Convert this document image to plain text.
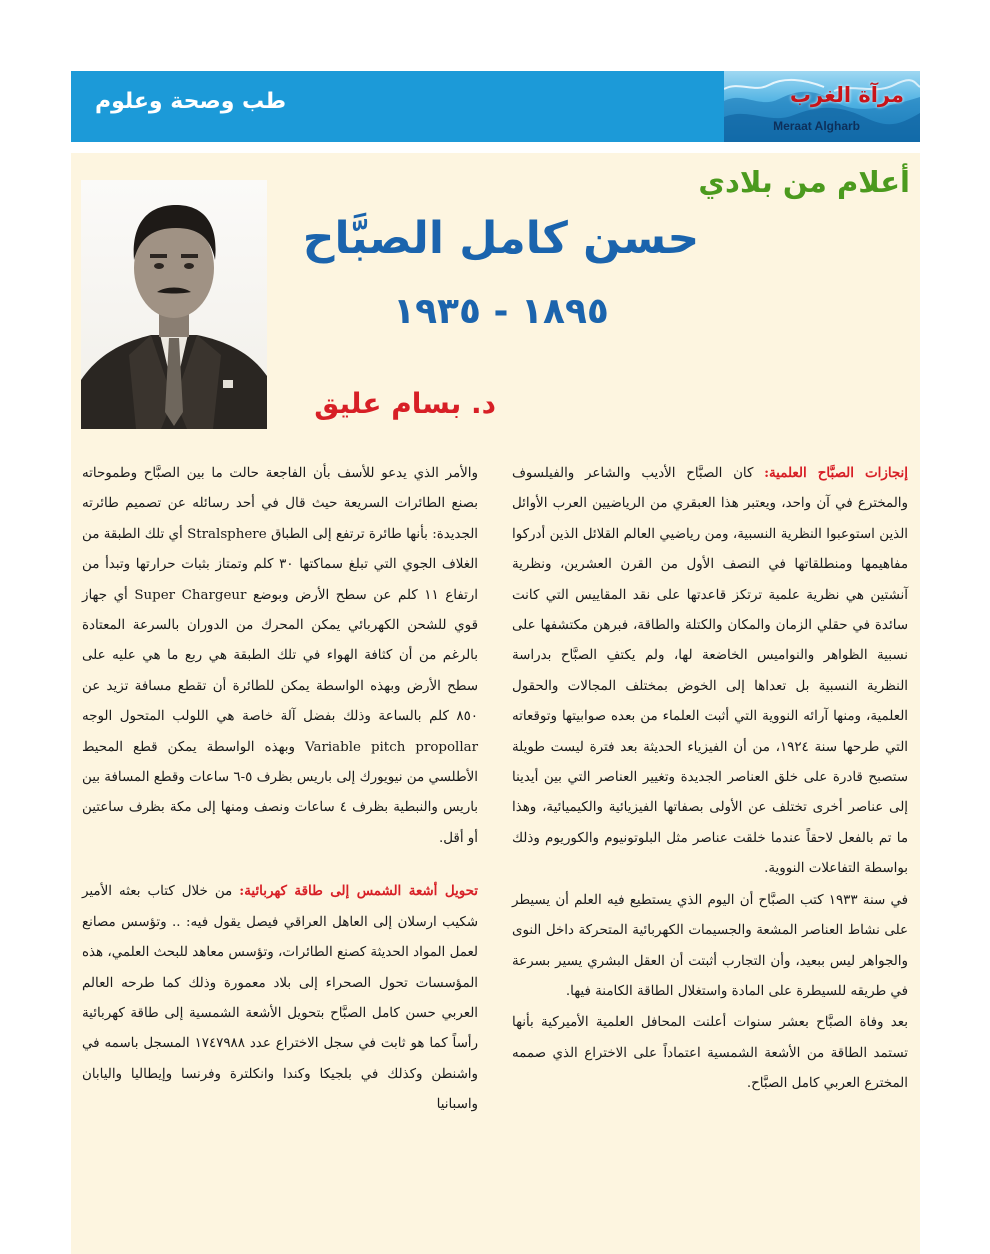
طب وصحة وعلوم	مرآة الغرب
Meraat Algharb
أعلام من بلادي
حسن كامل الصبَّاح
١٨٩٥ - ١٩٣٥
د. بسام عليق

إنجازات الصبَّاح العلمية: كان الصبَّاح الأديب والشاعر والفيلسوف والمخترع في آن واحد، ويعتبر هذا العبقري من الرياضيين العرب الأوائل الذين استوعبوا النظرية النسبية، ومن رياضيي العالم القلائل الذين أدركوا مفاهيمها ومنطلقاتها في النصف الأول من القرن العشرين، ونظرية آنشتين هي نظرية علمية ترتكز قاعدتها على نقد المقاييس التي كانت سائدة في حقلي الزمان والمكان والكتلة والطاقة، فبرهن مكتشفها على نسبية الظواهر والنواميس الخاضعة لها، ولم يكتفِ الصبَّاح بدراسة النظرية النسبية بل تعداها إلى الخوض بمختلف المجالات والحقول العلمية، ومنها آرائه النووية التي أثبت العلماء من بعده صوابيتها وتوقعاته التي طرحها سنة ١٩٢٤، من أن الفيزياء الحديثة بعد فترة ليست طويلة ستصبح قادرة على خلق العناصر الجديدة وتغيير العناصر التي بين أيدينا إلى عناصر أخرى تختلف عن الأولى بصفاتها الفيزيائية والكيميائية، وهذا ما تم بالفعل لاحقاً عندما خلقت عناصر مثل البلوتونيوم والكوريوم وذلك بواسطة التفاعلات النووية.

في سنة ١٩٣٣ كتب الصبَّاح أن اليوم الذي يستطيع فيه العلم أن يسيطر على نشاط العناصر المشعة والجسيمات الكهربائية المتحركة داخل النوى والجواهر ليس ببعيد، وأن التجارب أثبتت أن العقل البشري يسير بسرعة في طريقه للسيطرة على المادة واستغلال الطاقة الكامنة فيها.

بعد وفاة الصبَّاح بعشر سنوات أعلنت المحافل العلمية الأميركية بأنها تستمد الطاقة من الأشعة الشمسية اعتماداً على الاختراع الذي صممه المخترع العربي كامل الصبَّاح.

والأمر الذي يدعو للأسف بأن الفاجعة حالت ما بين الصبَّاح وطموحاته بصنع الطائرات السريعة حيث قال في أحد رسائله عن تصميم طائرته الجديدة: بأنها طائرة ترتفع إلى الطباق Stralsphere أي تلك الطبقة من الغلاف الجوي التي تبلغ سماكتها ٣٠ كلم وتمتاز بثبات حرارتها وتبدأ من ارتفاع ١١ كلم عن سطح الأرض وبوضع Super Chargeur أي جهاز قوي للشحن الكهربائي يمكن المحرك من الدوران بالسرعة المعتادة بالرغم من أن كثافة الهواء في تلك الطبقة هي ربع ما هي عليه على سطح الأرض وبهذه الواسطة يمكن للطائرة أن تقطع مسافة تزيد عن ٨٥٠ كلم بالساعة وذلك بفضل آلة خاصة هي اللولب المتحول الوجه Variable pitch propollar وبهذه الواسطة يمكن قطع المحيط الأطلسي من نيويورك إلى باريس بظرف ٥-٦ ساعات وقطع المسافة بين باريس والنبطية بظرف ٤ ساعات ونصف ومنها إلى مكة بظرف ساعتين أو أقل.

تحويل أشعة الشمس إلى طاقة كهربائية: من خلال كتاب بعثه الأمير شكيب ارسلان إلى العاهل العراقي فيصل يقول فيه: .. وتؤسس مصانع لعمل المواد الحديثة كصنع الطائرات، وتؤسس معاهد للبحث العلمي، هذه المؤسسات تحول الصحراء إلى بلاد معمورة وذلك كما طرحه العالم العربي حسن كامل الصبَّاح بتحويل الأشعة الشمسية إلى طاقة كهربائية رأساً كما هو ثابت في سجل الاختراع عدد ١٧٤٧٩٨٨ المسجل باسمه في واشنطن وكذلك في بلجيكا وكندا وانكلترة وفرنسا وإيطاليا واليابان واسبانيا
